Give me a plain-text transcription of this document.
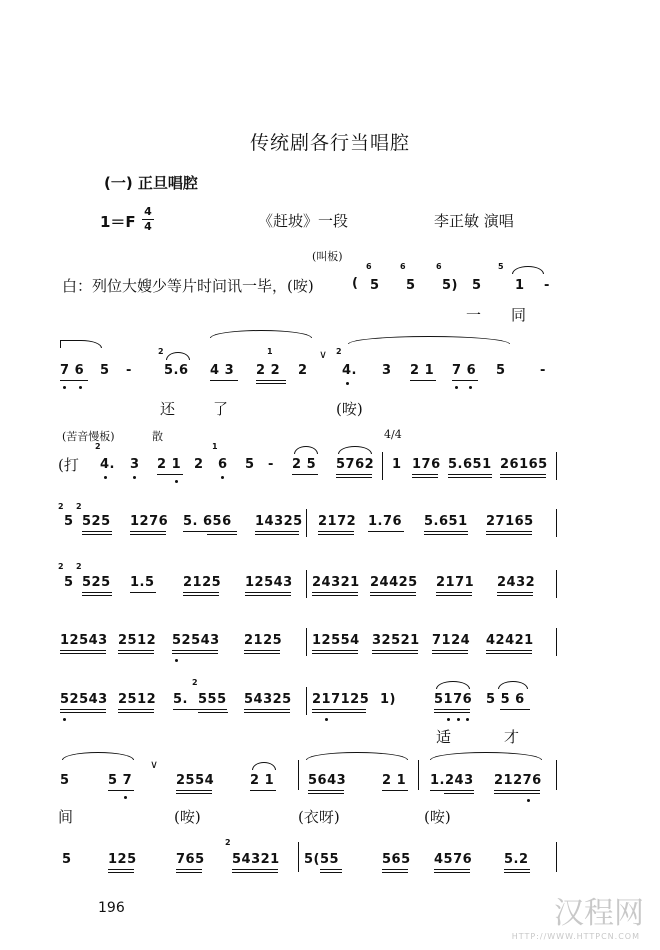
传统剧各行当唱腔
(一) 正旦唱腔
1＝F
4
4	《赶坡》一段	李正敏 演唱
(叫板)
白：列位大嫂少等片时问讯一毕，(咹)	(
6
5
6
5
6
5) 5
5
1 -
一 同
7 6 5 -
2
5.6 4 3
1
2 2 2
∨ 2
4. 3 2 1 7 6 5	-
还	了	(咹)
(苦音慢板)	散	4/4
(打
2
4. 3 2 1 2
1
6 5 - 2 5 5762 1 176 5.651 26165
2 2
5 525 1276 5. 656 14325 2172 1.76 5.651 27165
2 2
5 525 1.5 2125 12543 24321 24425 2171 2432
12543 2512 52543 2125 12554 32521 7124 42421
52543 2512 5.
2
555 54325 217125 1)	5176 5 5 6
适	才
5	5 7
∨
2554	2 1	5643	2 1 1.243 21276
间	(咹)	(衣呀)	(咹)
5	125	765
2
54321 5(55	565 4576 5.2
196	汉程网
HTTP://WWW.HTTPCN.COM
